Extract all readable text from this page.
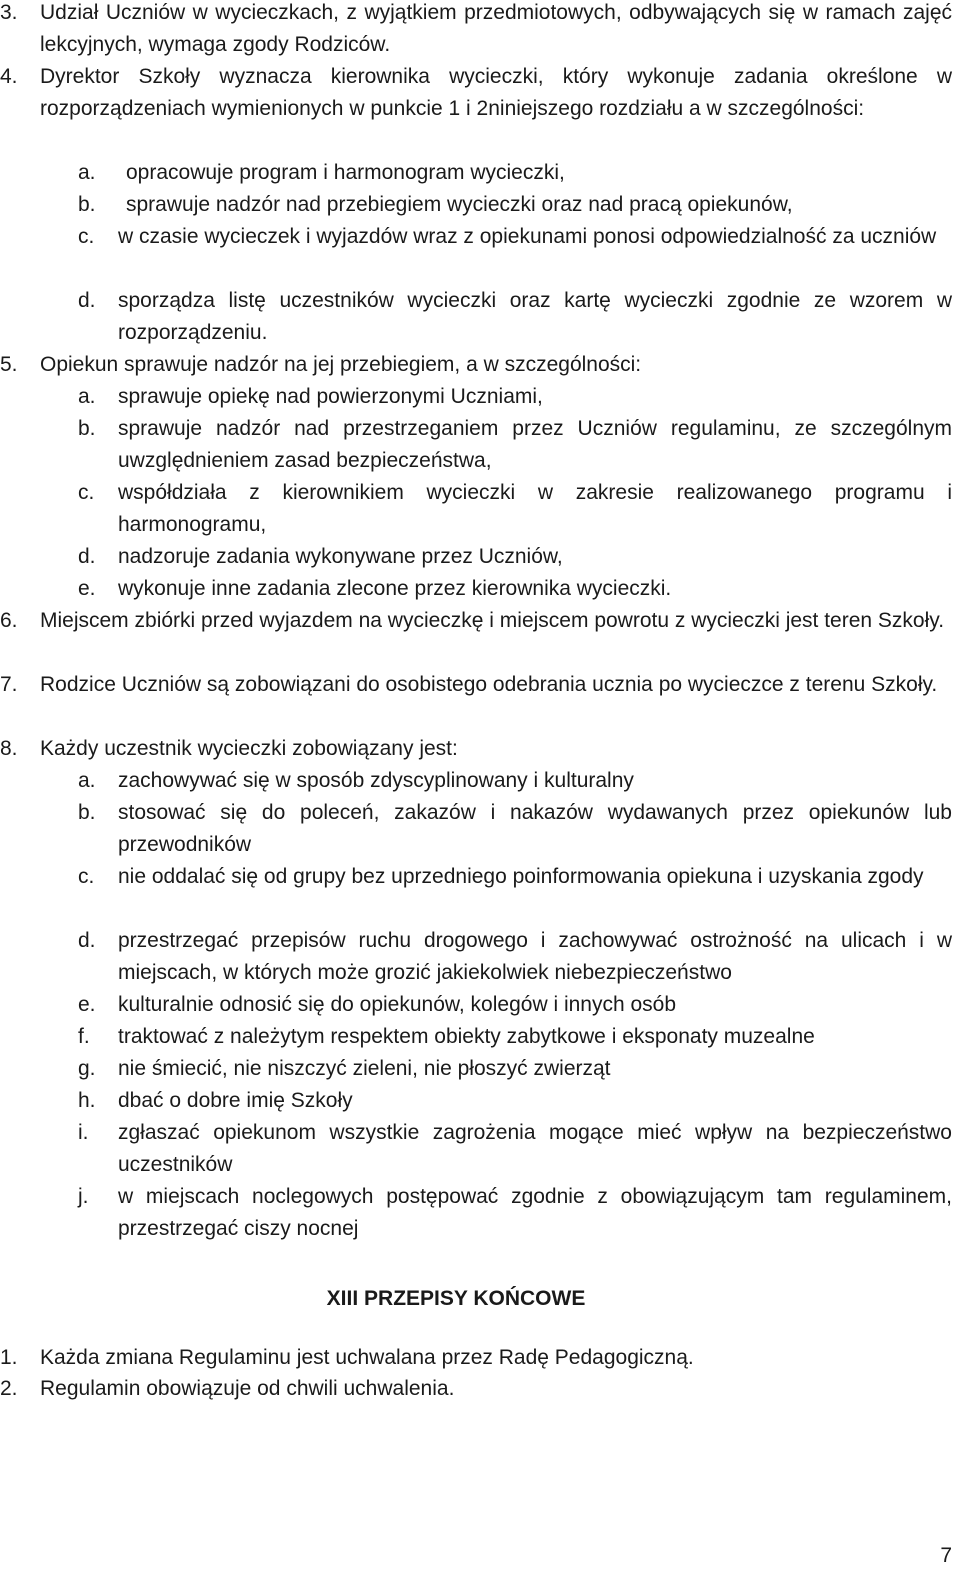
3.	Udział Uczniów w wycieczkach, z wyjątkiem przedmiotowych, odbywających się w ramach zajęć lekcyjnych, wymaga zgody Rodziców.
4.	Dyrektor Szkoły wyznacza kierownika wycieczki, który wykonuje zadania określone w rozporządzeniach wymienionych w punkcie 1 i 2niniejszego rozdziału a w szczególności:
a.	opracowuje program i harmonogram wycieczki,
b.	sprawuje nadzór nad przebiegiem wycieczki oraz nad pracą opiekunów,
c.	w czasie wycieczek i wyjazdów wraz z opiekunami ponosi odpowiedzialność za uczniów
d.	sporządza listę uczestników wycieczki oraz kartę wycieczki zgodnie ze wzorem w rozporządzeniu.
5.	Opiekun sprawuje nadzór na jej przebiegiem, a w szczególności:
a.	sprawuje opiekę nad powierzonymi Uczniami,
b.	sprawuje nadzór nad przestrzeganiem przez Uczniów regulaminu, ze szczególnym uwzględnieniem zasad bezpieczeństwa,
c.	współdziała z kierownikiem wycieczki w zakresie realizowanego programu i harmonogramu,
d.	nadzoruje zadania wykonywane przez Uczniów,
e.	wykonuje inne zadania zlecone przez kierownika wycieczki.
6.	Miejscem zbiórki przed wyjazdem na wycieczkę i miejscem powrotu z wycieczki jest teren Szkoły.
7.	Rodzice Uczniów są zobowiązani do osobistego odebrania ucznia po wycieczce z terenu Szkoły.
8.	Każdy uczestnik wycieczki zobowiązany jest:
a.	zachowywać się w sposób zdyscyplinowany i kulturalny
b.	stosować się do poleceń, zakazów i nakazów wydawanych przez opiekunów lub przewodników
c.	nie oddalać się od grupy bez uprzedniego poinformowania opiekuna i uzyskania zgody
d.	przestrzegać przepisów ruchu drogowego i zachowywać ostrożność na ulicach i w miejscach, w których może grozić jakiekolwiek niebezpieczeństwo
e.	kulturalnie odnosić się do opiekunów, kolegów i innych osób
f.	traktować z należytym respektem obiekty zabytkowe i eksponaty muzealne
g.	nie śmiecić, nie niszczyć zieleni, nie płoszyć zwierząt
h.	dbać o dobre imię Szkoły
i.	zgłaszać opiekunom wszystkie zagrożenia mogące mieć wpływ na bezpieczeństwo uczestników
j.	w miejscach noclegowych postępować zgodnie z obowiązującym tam regulaminem, przestrzegać ciszy nocnej
XIII PRZEPISY KOŃCOWE
1.	Każda zmiana Regulaminu jest uchwalana przez Radę Pedagogiczną.
2.	Regulamin obowiązuje od chwili uchwalenia.
7
